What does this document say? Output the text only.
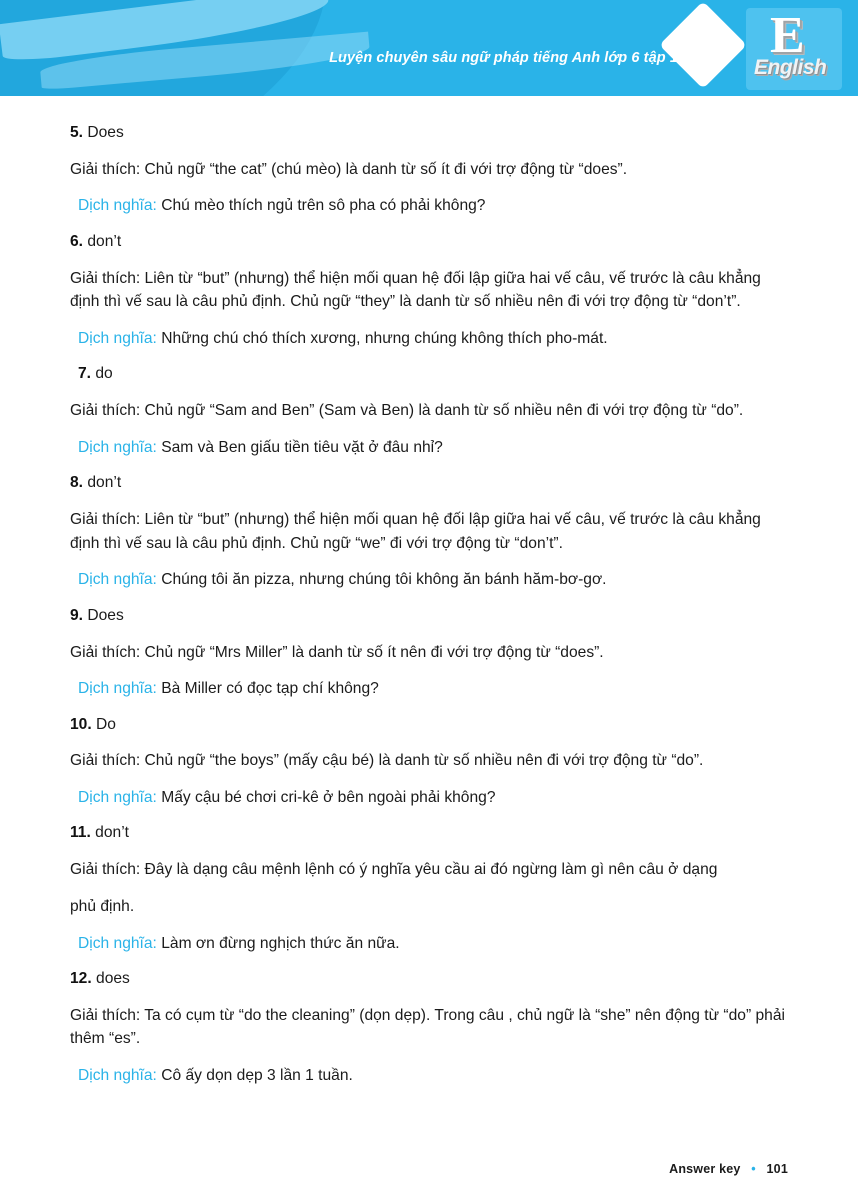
Luyện chuyên sâu ngữ pháp tiếng Anh lớp 6 tập 1 E
English

5. Does

Giải thích: Chủ ngữ “the cat” (chú mèo) là danh từ số ít đi với trợ động từ “does”.

Dịch nghĩa: Chú mèo thích ngủ trên sô pha có phải không?

6. don’t

Giải thích: Liên từ “but” (nhưng) thể hiện mối quan hệ đối lập giữa hai vế câu, vế trước là câu khẳng định thì vế sau là câu phủ định. Chủ ngữ “they” là danh từ số nhiều nên đi với trợ động từ “don’t”.

Dịch nghĩa: Những chú chó thích xương, nhưng chúng không thích pho-mát.

7. do

Giải thích: Chủ ngữ “Sam and Ben” (Sam và Ben) là danh từ số nhiều nên đi với trợ động từ “do”.

Dịch nghĩa: Sam và Ben giấu tiền tiêu vặt ở đâu nhỉ?

8. don’t

Giải thích: Liên từ “but” (nhưng) thể hiện mối quan hệ đối lập giữa hai vế câu, vế trước là câu khẳng định thì vế sau là câu phủ định. Chủ ngữ “we” đi với trợ động từ “don’t”.

Dịch nghĩa: Chúng tôi ăn pizza, nhưng chúng tôi không ăn bánh hăm-bơ-gơ.

9. Does

Giải thích: Chủ ngữ “Mrs Miller” là danh từ số ít nên đi với trợ động từ “does”.

Dịch nghĩa: Bà Miller có đọc tạp chí không?

10. Do

Giải thích: Chủ ngữ “the boys” (mấy cậu bé) là danh từ số nhiều nên đi với trợ động từ “do”.

Dịch nghĩa: Mấy cậu bé chơi cri-kê ở bên ngoài phải không?

11. don’t

Giải thích: Đây là dạng câu mệnh lệnh có ý nghĩa yêu cầu ai đó ngừng làm gì nên câu ở dạng

phủ định.

Dịch nghĩa: Làm ơn đừng nghịch thức ăn nữa.

12. does

Giải thích: Ta có cụm từ “do the cleaning” (dọn dẹp). Trong câu , chủ ngữ là “she” nên động từ “do” phải thêm “es”.

Dịch nghĩa: Cô ấy dọn dẹp 3 lần 1 tuần.

Answer key • 101
